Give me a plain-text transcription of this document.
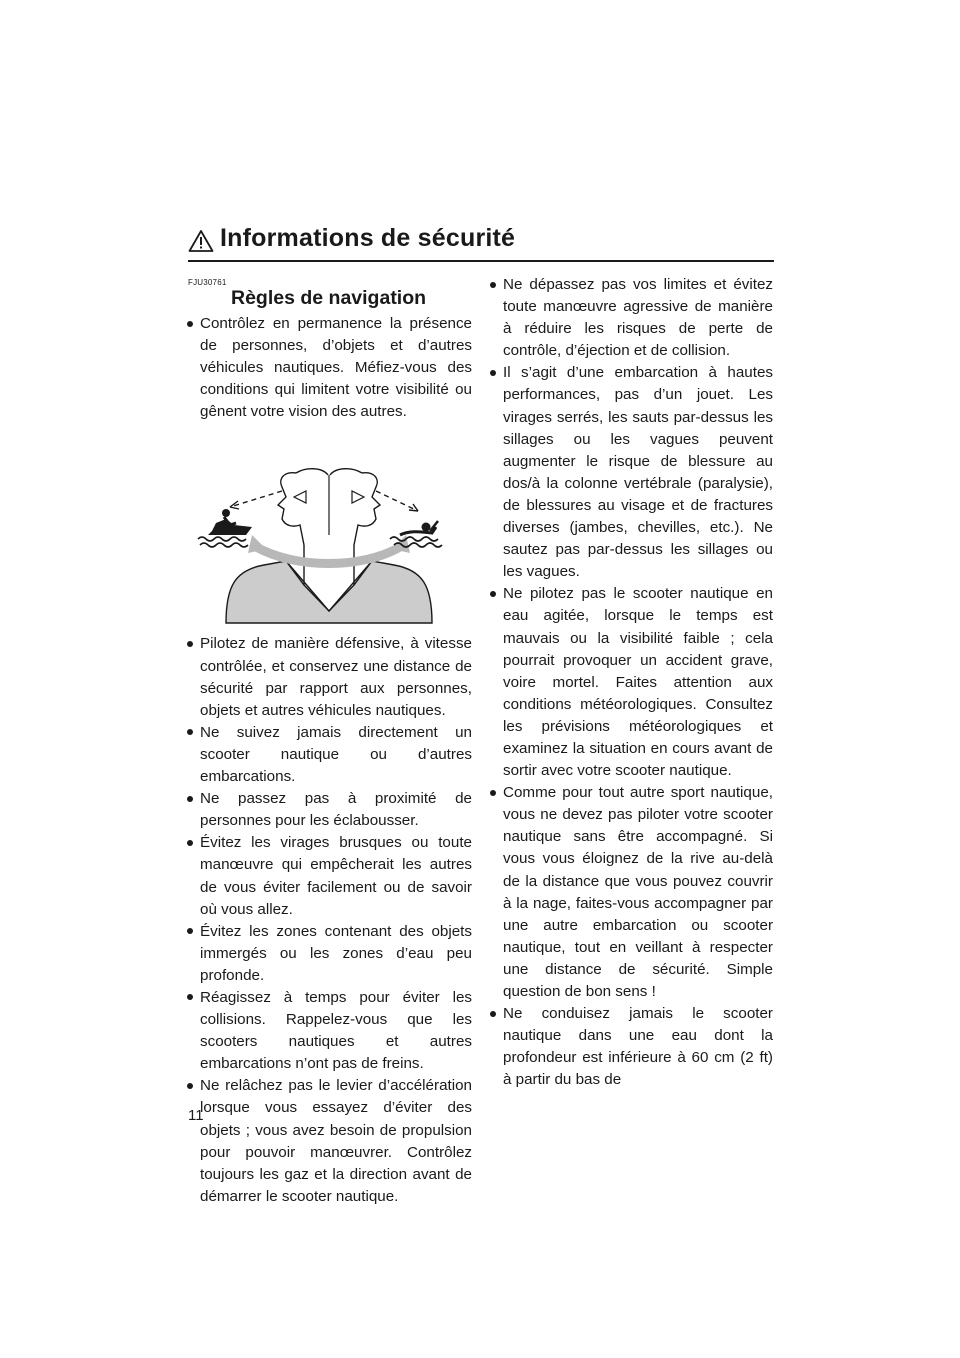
Informations de sécurité
FJU30761
Règles de navigation
Contrôlez en permanence la présence de personnes, d’objets et d’autres véhicules nautiques. Méfiez-vous des conditions qui limitent votre visibilité ou gênent votre vision des autres.
Pilotez de manière défensive, à vitesse contrôlée, et conservez une distance de sécurité par rapport aux personnes, objets et autres véhicules nautiques.
Ne suivez jamais directement un scooter nautique ou d’autres embarcations.
Ne passez pas à proximité de personnes pour les éclabousser.
Évitez les virages brusques ou toute manœuvre qui empêcherait les autres de vous éviter facilement ou de savoir où vous allez.
Évitez les zones contenant des objets immergés ou les zones d’eau peu profonde.
Réagissez à temps pour éviter les collisions. Rappelez-vous que les scooters nautiques et autres embarcations n’ont pas de freins.
Ne relâchez pas le levier d’accélération lorsque vous essayez d’éviter des objets ; vous avez besoin de propulsion pour pouvoir manœuvrer. Contrôlez toujours les gaz et la direction avant de démarrer le scooter nautique.
Ne dépassez pas vos limites et évitez toute manœuvre agressive de manière à réduire les risques de perte de contrôle, d’éjection et de collision.
Il s’agit d’une embarcation à hautes performances, pas d’un jouet. Les virages serrés, les sauts par-dessus les sillages ou les vagues peuvent augmenter le risque de blessure au dos/à la colonne vertébrale (paralysie), de blessures au visage et de fractures diverses (jambes, chevilles, etc.). Ne sautez pas par-dessus les sillages ou les vagues.
Ne pilotez pas le scooter nautique en eau agitée, lorsque le temps est mauvais ou la visibilité faible ; cela pourrait provoquer un accident grave, voire mortel. Faites attention aux conditions météorologiques. Consultez les prévisions météorologiques et examinez la situation en cours avant de sortir avec votre scooter nautique.
Comme pour tout autre sport nautique, vous ne devez pas piloter votre scooter nautique sans être accompagné. Si vous vous éloignez de la rive au-delà de la distance que vous pouvez couvrir à la nage, faites-vous accompagner par une autre embarcation ou scooter nautique, tout en veillant à respecter une distance de sécurité. Simple question de bon sens !
Ne conduisez jamais le scooter nautique dans une eau dont la profondeur est inférieure à 60 cm (2 ft) à partir du bas de
11
